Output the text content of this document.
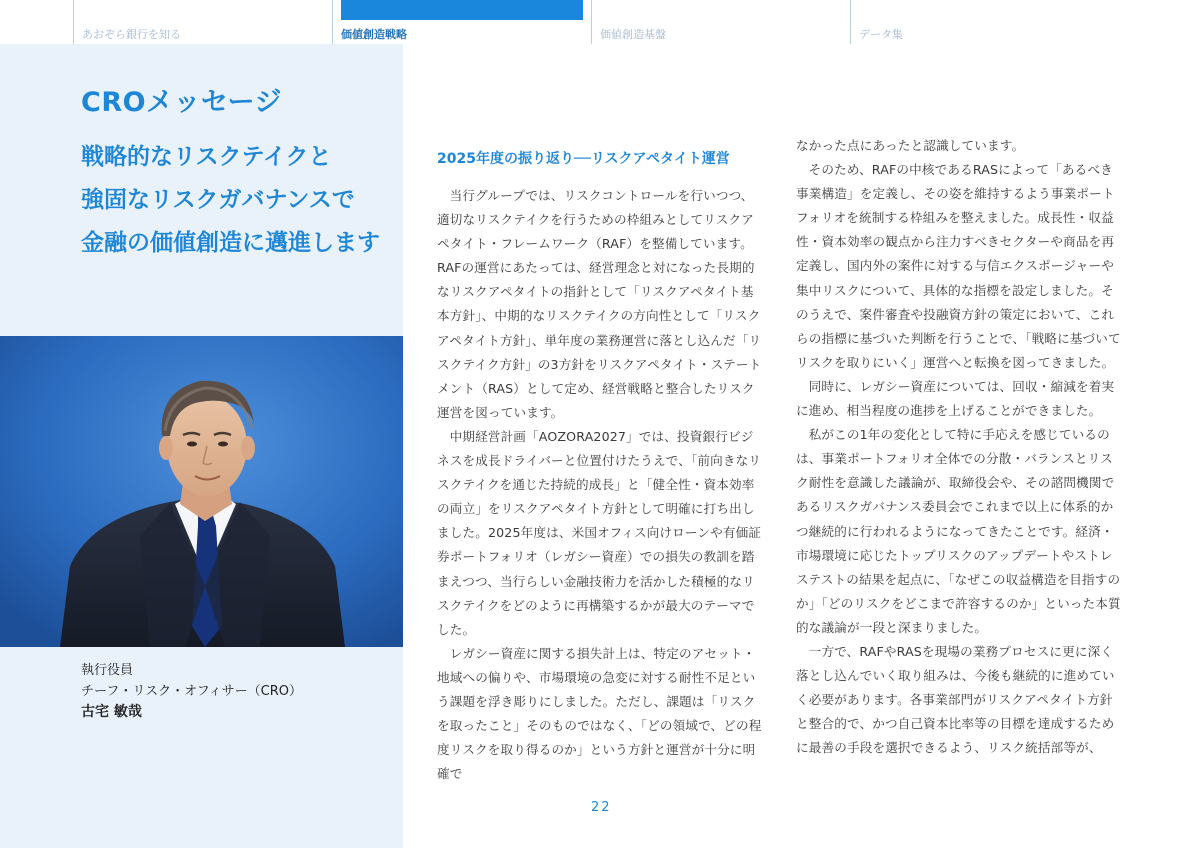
あおぞら銀行を知る	価値創造戦略	価値創造基盤	データ集
CROメッセージ
戦略的なリスクテイクと
強固なリスクガバナンスで
金融の価値創造に邁進します
執行役員
チーフ・リスク・オフィサー（CRO）
古宅 敏哉
2025年度の振り返り──リスクアペタイト運営

当行グループでは、リスクコントロールを行いつつ、適切なリスクテイクを行うための枠組みとしてリスクアペタイト・フレームワーク（RAF）を整備しています。RAFの運営にあたっては、経営理念と対になった長期的なリスクアペタイトの指針として「リスクアペタイト基本方針」、中期的なリスクテイクの方向性として「リスクアペタイト方針」、単年度の業務運営に落とし込んだ「リスクテイク方針」の3方針をリスクアペタイト・ステートメント（RAS）として定め、経営戦略と整合したリスク運営を図っています。

中期経営計画「AOZORA2027」では、投資銀行ビジネスを成長ドライバーと位置付けたうえで、「前向きなリスクテイクを通じた持続的成長」と「健全性・資本効率の両立」をリスクアペタイト方針として明確に打ち出しました。2025年度は、米国オフィス向けローンや有価証券ポートフォリオ（レガシー資産）での損失の教訓を踏まえつつ、当行らしい金融技術力を活かした積極的なリスクテイクをどのように再構築するかが最大のテーマでした。

レガシー資産に関する損失計上は、特定のアセット・地域への偏りや、市場環境の急変に対する耐性不足という課題を浮き彫りにしました。ただし、課題は「リスクを取ったこと」そのものではなく、「どの領域で、どの程度リスクを取り得るのか」という方針と運営が十分に明確で

なかった点にあったと認識しています。

そのため、RAFの中核であるRASによって「あるべき事業構造」を定義し、その姿を維持するよう事業ポートフォリオを統制する枠組みを整えました。成長性・収益性・資本効率の観点から注力すべきセクターや商品を再定義し、国内外の案件に対する与信エクスポージャーや集中リスクについて、具体的な指標を設定しました。そのうえで、案件審査や投融資方針の策定において、これらの指標に基づいた判断を行うことで、「戦略に基づいてリスクを取りにいく」運営へと転換を図ってきました。

同時に、レガシー資産については、回収・縮減を着実に進め、相当程度の進捗を上げることができました。

私がこの1年の変化として特に手応えを感じているのは、事業ポートフォリオ全体での分散・バランスとリスク耐性を意識した議論が、取締役会や、その諮問機関であるリスクガバナンス委員会でこれまで以上に体系的かつ継続的に行われるようになってきたことです。経済・市場環境に応じたトップリスクのアップデートやストレステストの結果を起点に、「なぜこの収益構造を目指すのか」「どのリスクをどこまで許容するのか」といった本質的な議論が一段と深まりました。

一方で、RAFやRASを現場の業務プロセスに更に深く落とし込んでいく取り組みは、今後も継続的に進めていく必要があります。各事業部門がリスクアペタイト方針と整合的で、かつ自己資本比率等の目標を達成するために最善の手段を選択できるよう、リスク統括部等が、

22
